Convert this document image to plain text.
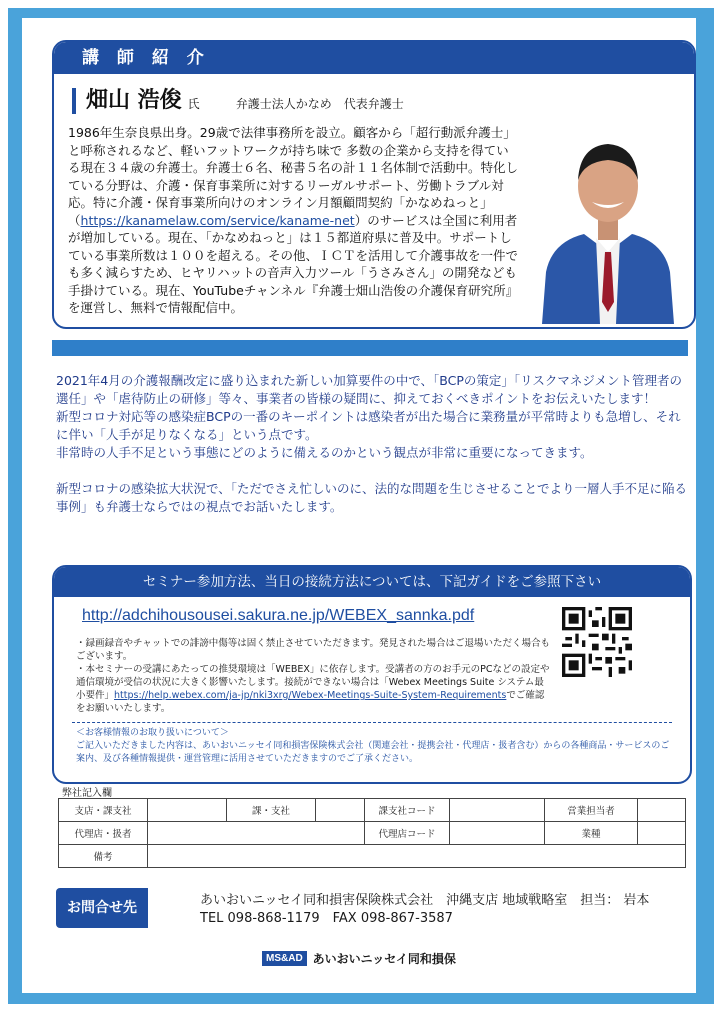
講 師 紹 介
畑山 浩俊 氏	弁護士法人かなめ　代表弁護士
1986年生奈良県出身。29歳で法律事務所を設立。顧客から「超行動派弁護士」と呼称されるなど、軽いフットワークが持ち味で 多数の企業から支持を得ている現在３４歳の弁護士。弁護士６名、秘書５名の計１１名体制で活動中。特化している分野は、介護・保育事業所に対するリーガルサポート、労働トラブル対応。特に介護・保育事業所向けのオンライン月額顧問契約「かなめねっと」（https://kanamelaw.com/service/kaname-net）のサービスは全国に利用者が増加している。現在、「かなめねっと」は１５都道府県に普及中。サポートしている事業所数は１００を超える。その他、ＩＣＴを活用して介護事故を一件でも多く減らすため、ヒヤリハットの音声入力ツール「うさみさん」の開発なども手掛けている。現在、YouTubeチャンネル『弁護士畑山浩俊の介護保育研究所』を運営し、無料で情報配信中。

2021年4月の介護報酬改定に盛り込まれた新しい加算要件の中で、「BCPの策定」「リスクマネジメント管理者の選任」や「虐待防止の研修」等々、事業者の皆様の疑問に、抑えておくべきポイントをお伝えいたします！

新型コロナ対応等の感染症BCPの一番のキーポイントは感染者が出た場合に業務量が平常時よりも急増し、それに伴い「人手が足りなくなる」という点です。

非常時の人手不足という事態にどのように備えるのかという観点が非常に重要になってきます。

新型コロナの感染拡大状況で、「ただでさえ忙しいのに、法的な問題を生じさせることでより一層人手不足に陥る事例」も弁護士ならではの視点でお話いたします。

セミナー参加方法、当日の接続方法については、下記ガイドをご参照下さい
http://adchihousousei.sakura.ne.jp/WEBEX_sannka.pdf
・録画録音やチャットでの誹謗中傷等は固く禁止させていただきます。発見された場合はご退場いただく場合もございます。
・本セミナーの受講にあたっての推奨環境は「WEBEX」に依存します。受講者の方のお手元のPCなどの設定や通信環境が受信の状況に大きく影響いたします。接続ができない場合は「Webex Meetings Suite システム最小要件」https://help.webex.com/ja-jp/nki3xrg/Webex-Meetings-Suite-System-Requirementsでご確認をお願いいたします。
＜お客様情報のお取り扱いについて＞
ご記入いただきました内容は、あいおいニッセイ同和損害保険株式会社（関連会社・提携会社・代理店・扱者含む）からの各種商品・サービスのご案内、及び各種情報提供・運営管理に活用させていただきますのでご了承ください。
弊社記入欄
支店・課支社		課・支社		課支社コード		営業担当者	
代理店・扱者				代理店コード		業種	
備考							
お問合せ先	あいおいニッセイ同和損害保険株式会社　沖縄支店 地域戦略室　担当： 岩本
TEL 098-868-1179　FAX 098-867-3587
MS&AD あいおいニッセイ同和損保
